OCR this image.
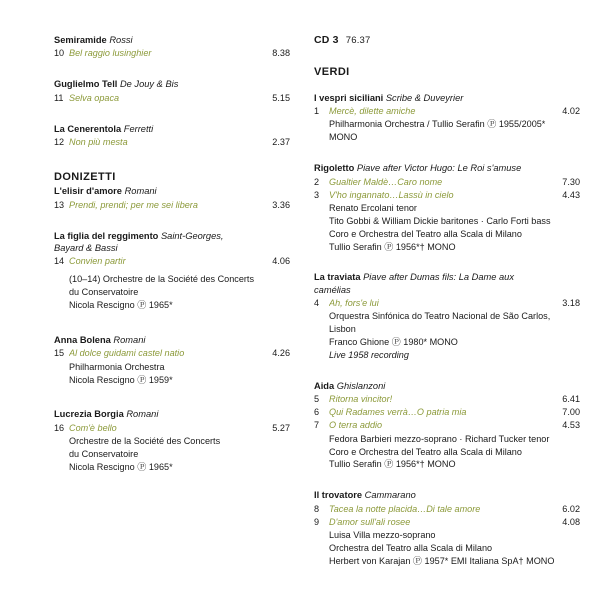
Semiramide Rossi
10 Bel raggio lusinghier	8.38
Guglielmo Tell De Jouy & Bis
11 Selva opaca	5.15
La Cenerentola Ferretti
12 Non più mesta	2.37
DONIZETTI
L'elisir d'amore Romani
13 Prendi, prendi; per me sei libera	3.36
La figlia del reggimento Saint-Georges,
Bayard & Bassi
14 Convien partir	4.06
(10–14) Orchestre de la Société des Concerts
du Conservatoire
Nicola Rescigno Ⓟ 1965*
Anna Bolena Romani
15 Al dolce guidami castel natio	4.26
Philharmonia Orchestra
Nicola Rescigno Ⓟ 1959*
Lucrezia Borgia Romani
16 Com'è bello	5.27
Orchestre de la Société des Concerts
du Conservatoire
Nicola Rescigno Ⓟ 1965*
CD 3 76.37
VERDI
I vespri siciliani Scribe & Duveyrier
1	Mercè, dilette amiche	4.02
Philharmonia Orchestra / Tullio Serafin Ⓟ 1955/2005*
MONO
Rigoletto Piave after Victor Hugo: Le Roi s'amuse
2	Gualtier Maldè…Caro nome	7.30
3	V'ho ingannato…Lassù in cielo	4.43
Renato Ercolani tenor
Tito Gobbi & William Dickie baritones · Carlo Forti bass
Coro e Orchestra del Teatro alla Scala di Milano
Tullio Serafin Ⓟ 1956*† MONO
La traviata Piave after Dumas fils: La Dame aux
camélias
4	Ah, fors'e lui	3.18
Orquestra Sinfónica do Teatro Nacional de São Carlos,
Lisbon
Franco Ghione Ⓟ 1980* MONO
Live 1958 recording
Aida Ghislanzoni
5	Ritorna vincitor!	6.41
6	Qui Radames verrà…O patria mia	7.00
7	O terra addio	4.53
Fedora Barbieri mezzo-soprano · Richard Tucker tenor
Coro e Orchestra del Teatro alla Scala di Milano
Tullio Serafin Ⓟ 1956*† MONO
Il trovatore Cammarano
8	Tacea la notte placida…Di tale amore	6.02
9	D'amor sull'ali rosee	4.08
Luisa Villa mezzo-soprano
Orchestra del Teatro alla Scala di Milano
Herbert von Karajan Ⓟ 1957* EMI Italiana SpA† MONO
